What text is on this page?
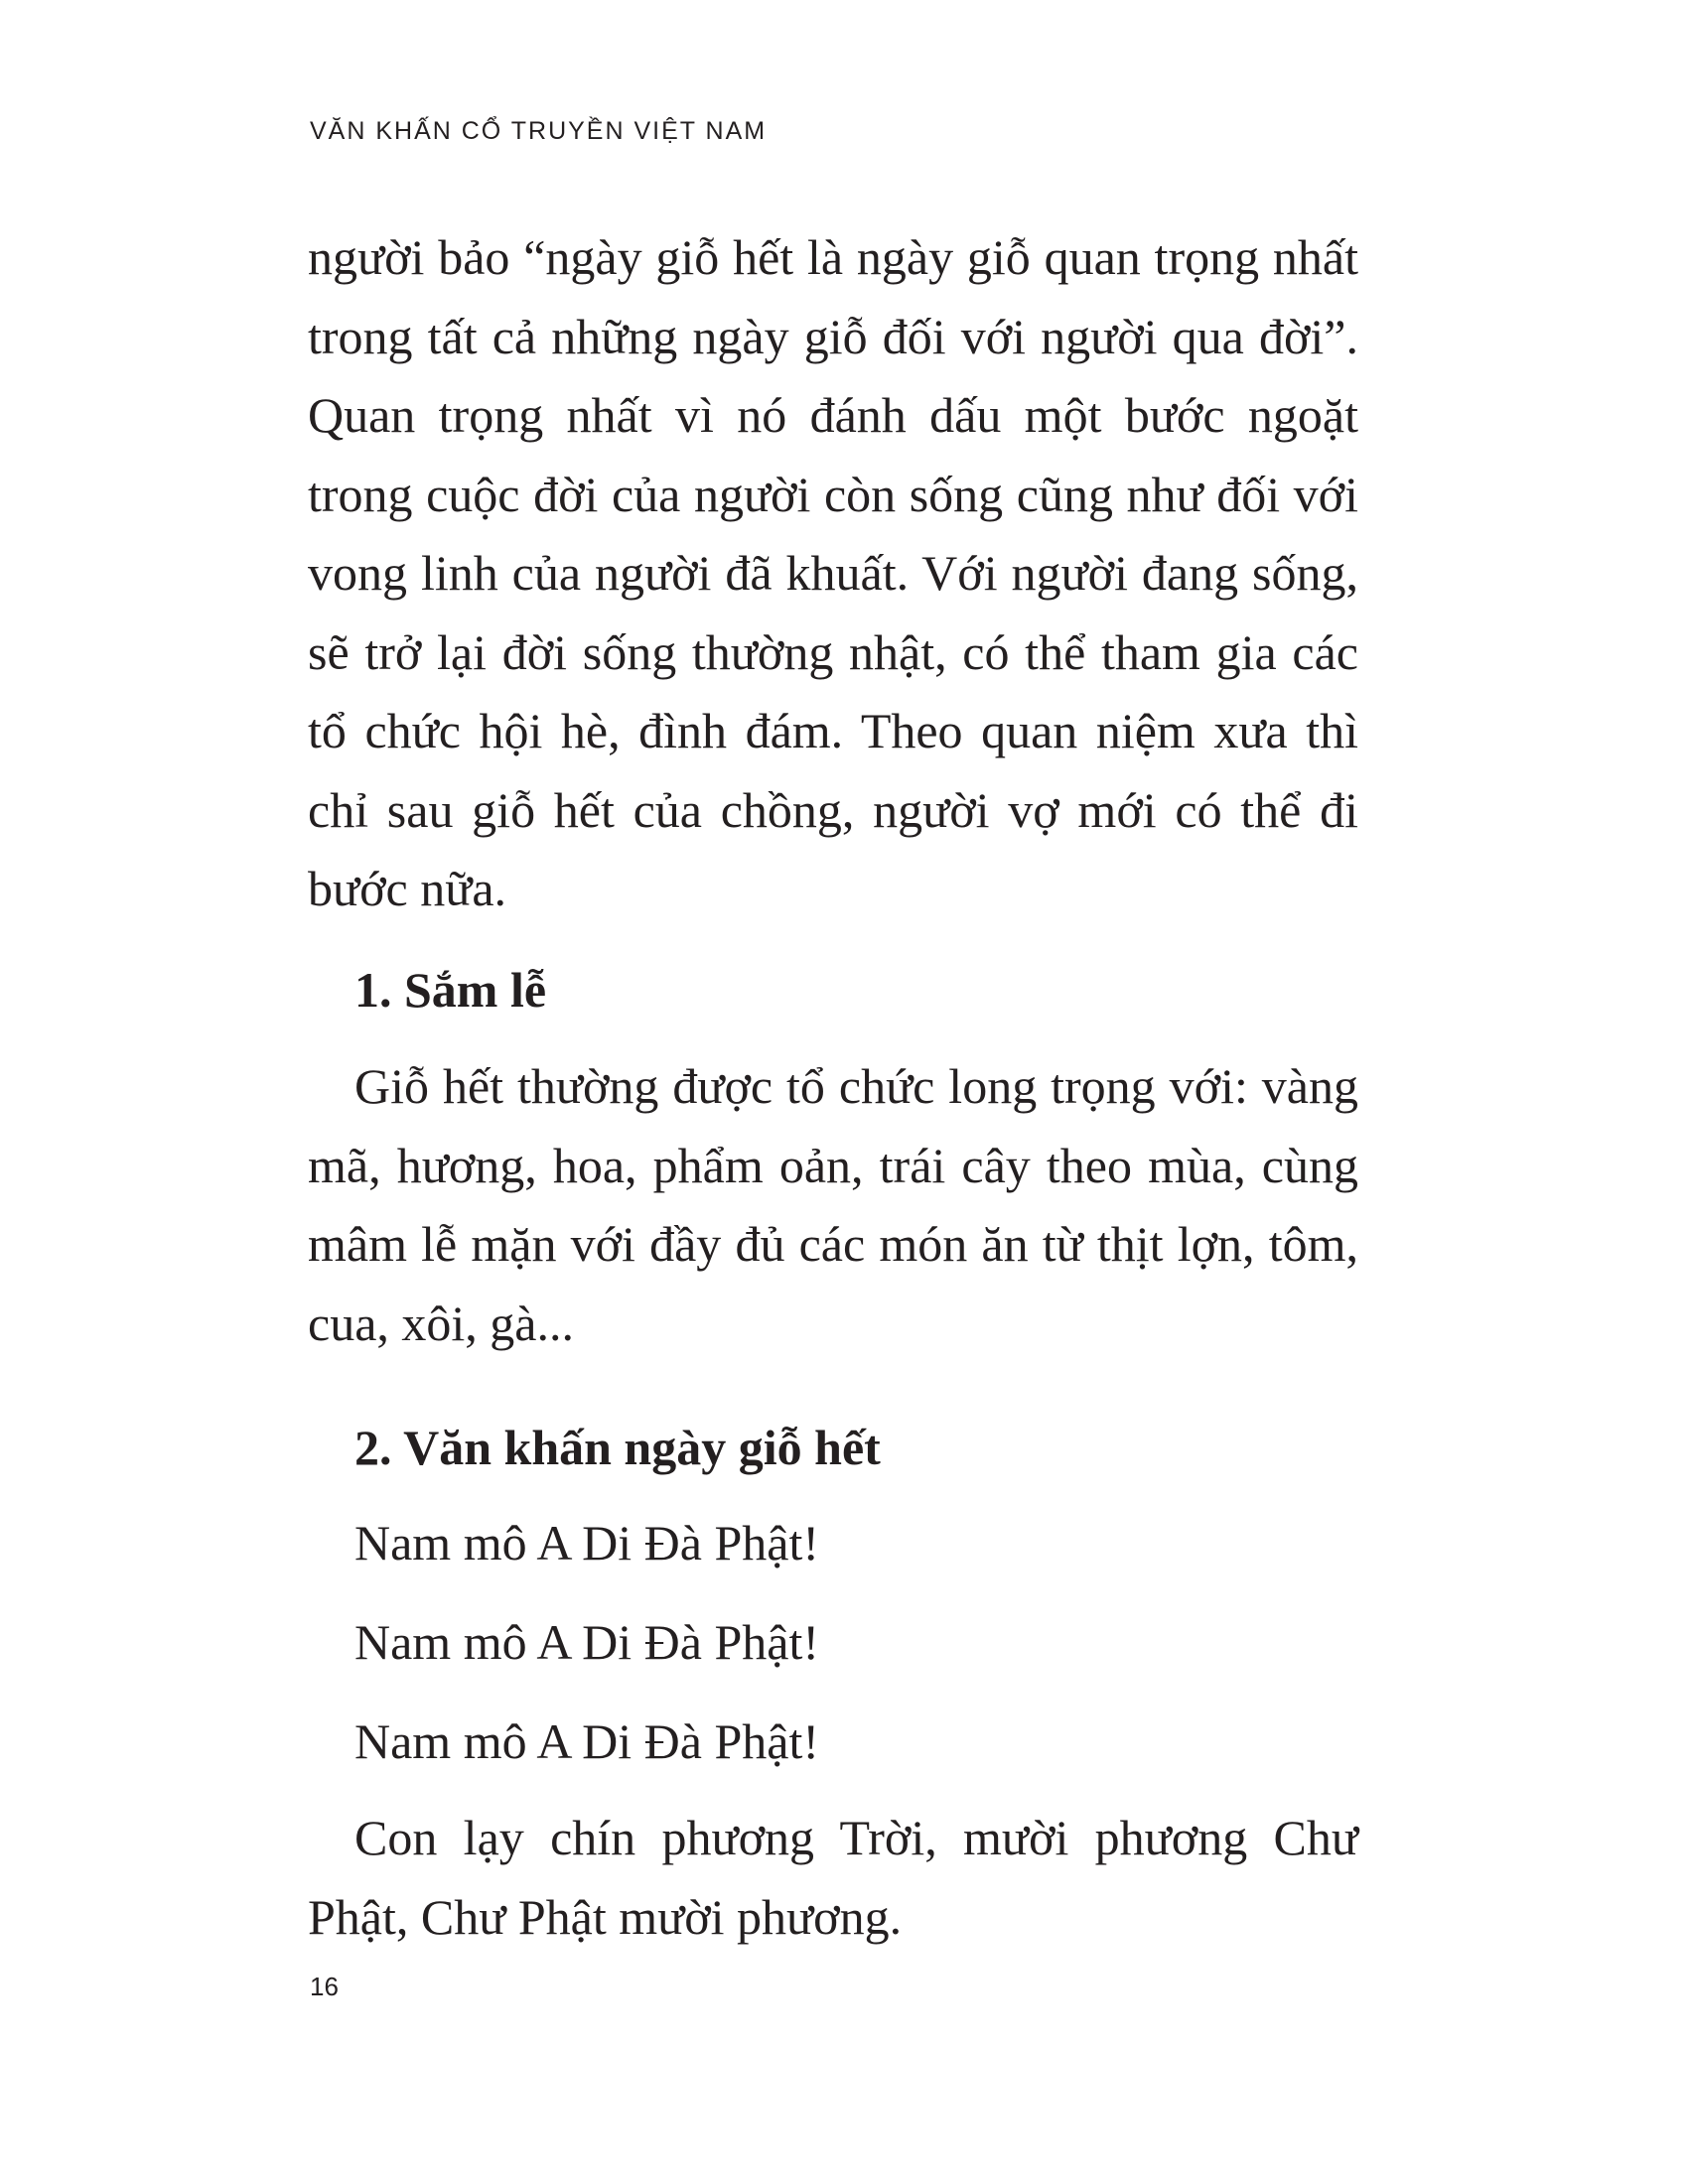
VĂN KHẤN CỔ TRUYỀN VIỆT NAM

người bảo “ngày giỗ hết là ngày giỗ quan trọng nhất trong tất cả những ngày giỗ đối với người qua đời”. Quan trọng nhất vì nó đánh dấu một bước ngoặt trong cuộc đời của người còn sống cũng như đối với vong linh của người đã khuất. Với người đang sống, sẽ trở lại đời sống thường nhật, có thể tham gia các tổ chức hội hè, đình đám. Theo quan niệm xưa thì chỉ sau giỗ hết của chồng, người vợ mới có thể đi bước nữa.

1. Sắm lễ

Giỗ hết thường được tổ chức long trọng với: vàng mã, hương, hoa, phẩm oản, trái cây theo mùa, cùng mâm lễ mặn với đầy đủ các món ăn từ thịt lợn, tôm, cua, xôi, gà...

2. Văn khấn ngày giỗ hết
Nam mô A Di Đà Phật!
Nam mô A Di Đà Phật!
Nam mô A Di Đà Phật!

Con lạy chín phương Trời, mười phương Chư Phật, Chư Phật mười phương.

16
